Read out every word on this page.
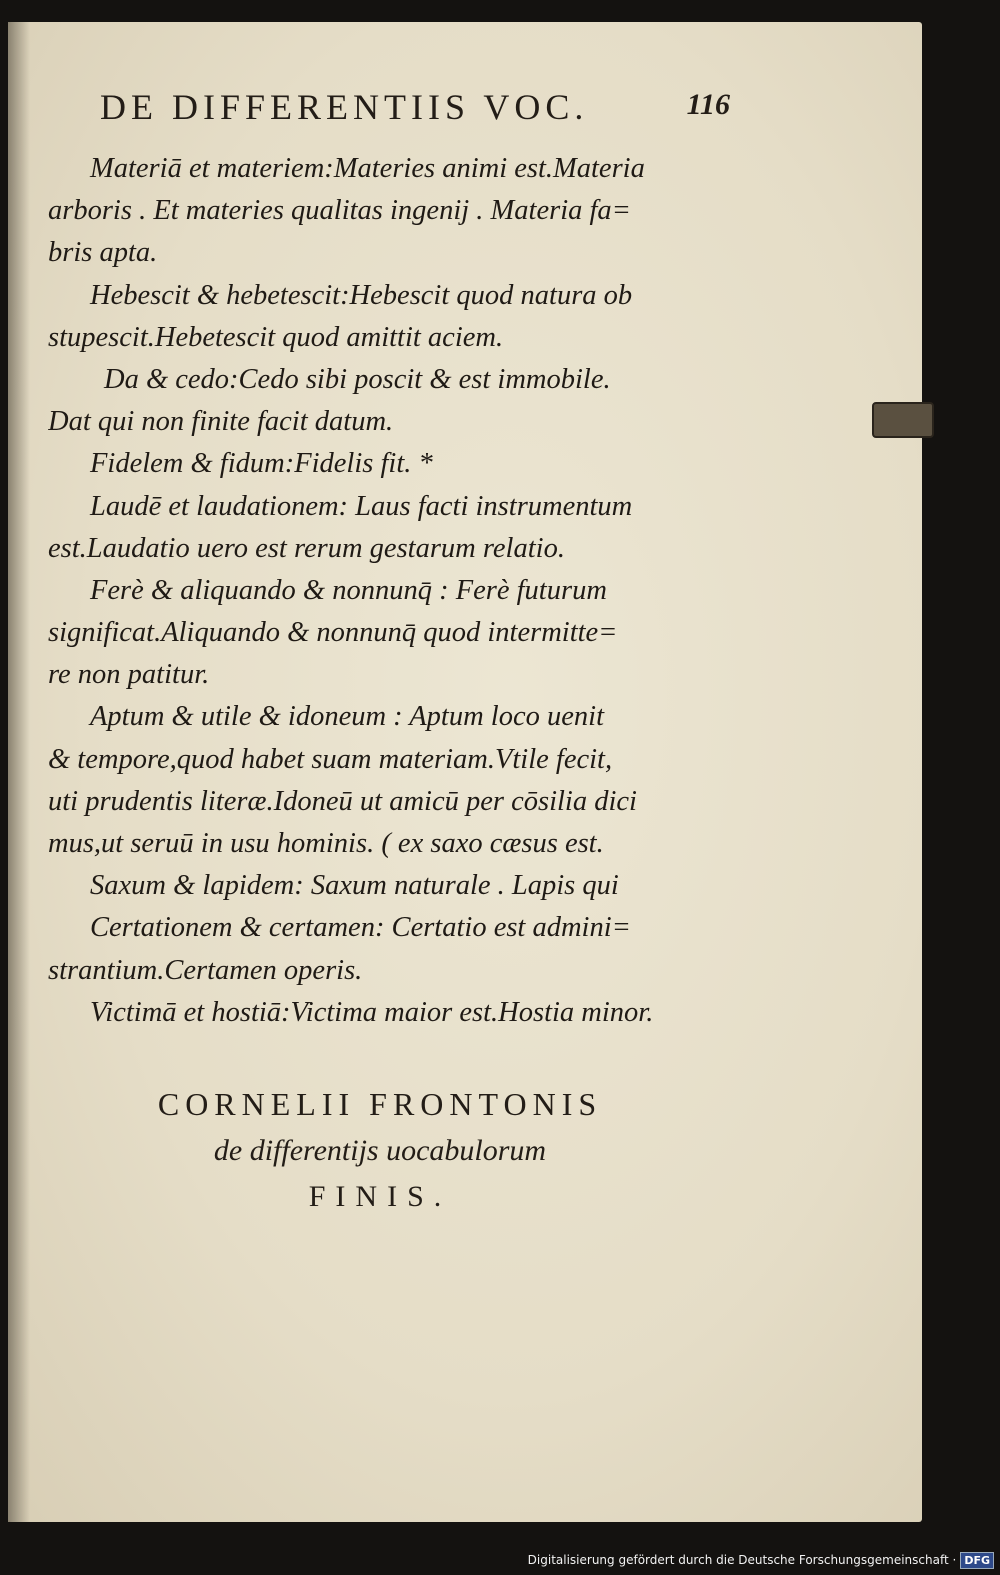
DE DIFFERENTIIS VOC.	116
Materiā et materiem:Materies animi est.Materia
arboris . Et materies qualitas ingenij . Materia fa=
bris apta.
Hebescit & hebetescit:Hebescit quod natura ob
stupescit.Hebetescit quod amittit aciem.
Da & cedo:Cedo sibi poscit & est immobile.
Dat qui non finite facit datum.
Fidelem & fidum:Fidelis fit. *
Laudē et laudationem: Laus facti instrumentum
est.Laudatio uero est rerum gestarum relatio.
Ferè & aliquando & nonnunq̄ : Ferè futurum
significat.Aliquando & nonnunq̄ quod intermitte=
re non patitur.
Aptum & utile & idoneum : Aptum loco uenit
& tempore,quod habet suam materiam.Vtile fecit,
uti prudentis literæ.Idoneū ut amicū per cōsilia dici
mus,ut seruū in usu hominis. ( ex saxo cæsus est.
Saxum & lapidem: Saxum naturale . Lapis qui
Certationem & certamen: Certatio est admini=
strantium.Certamen operis.
Victimā et hostiā:Victima maior est.Hostia minor.
CORNELII FRONTONIS
de differentijs uocabulorum
FINIS.
Digitalisierung gefördert durch die Deutsche Forschungsgemeinschaft · DFG
